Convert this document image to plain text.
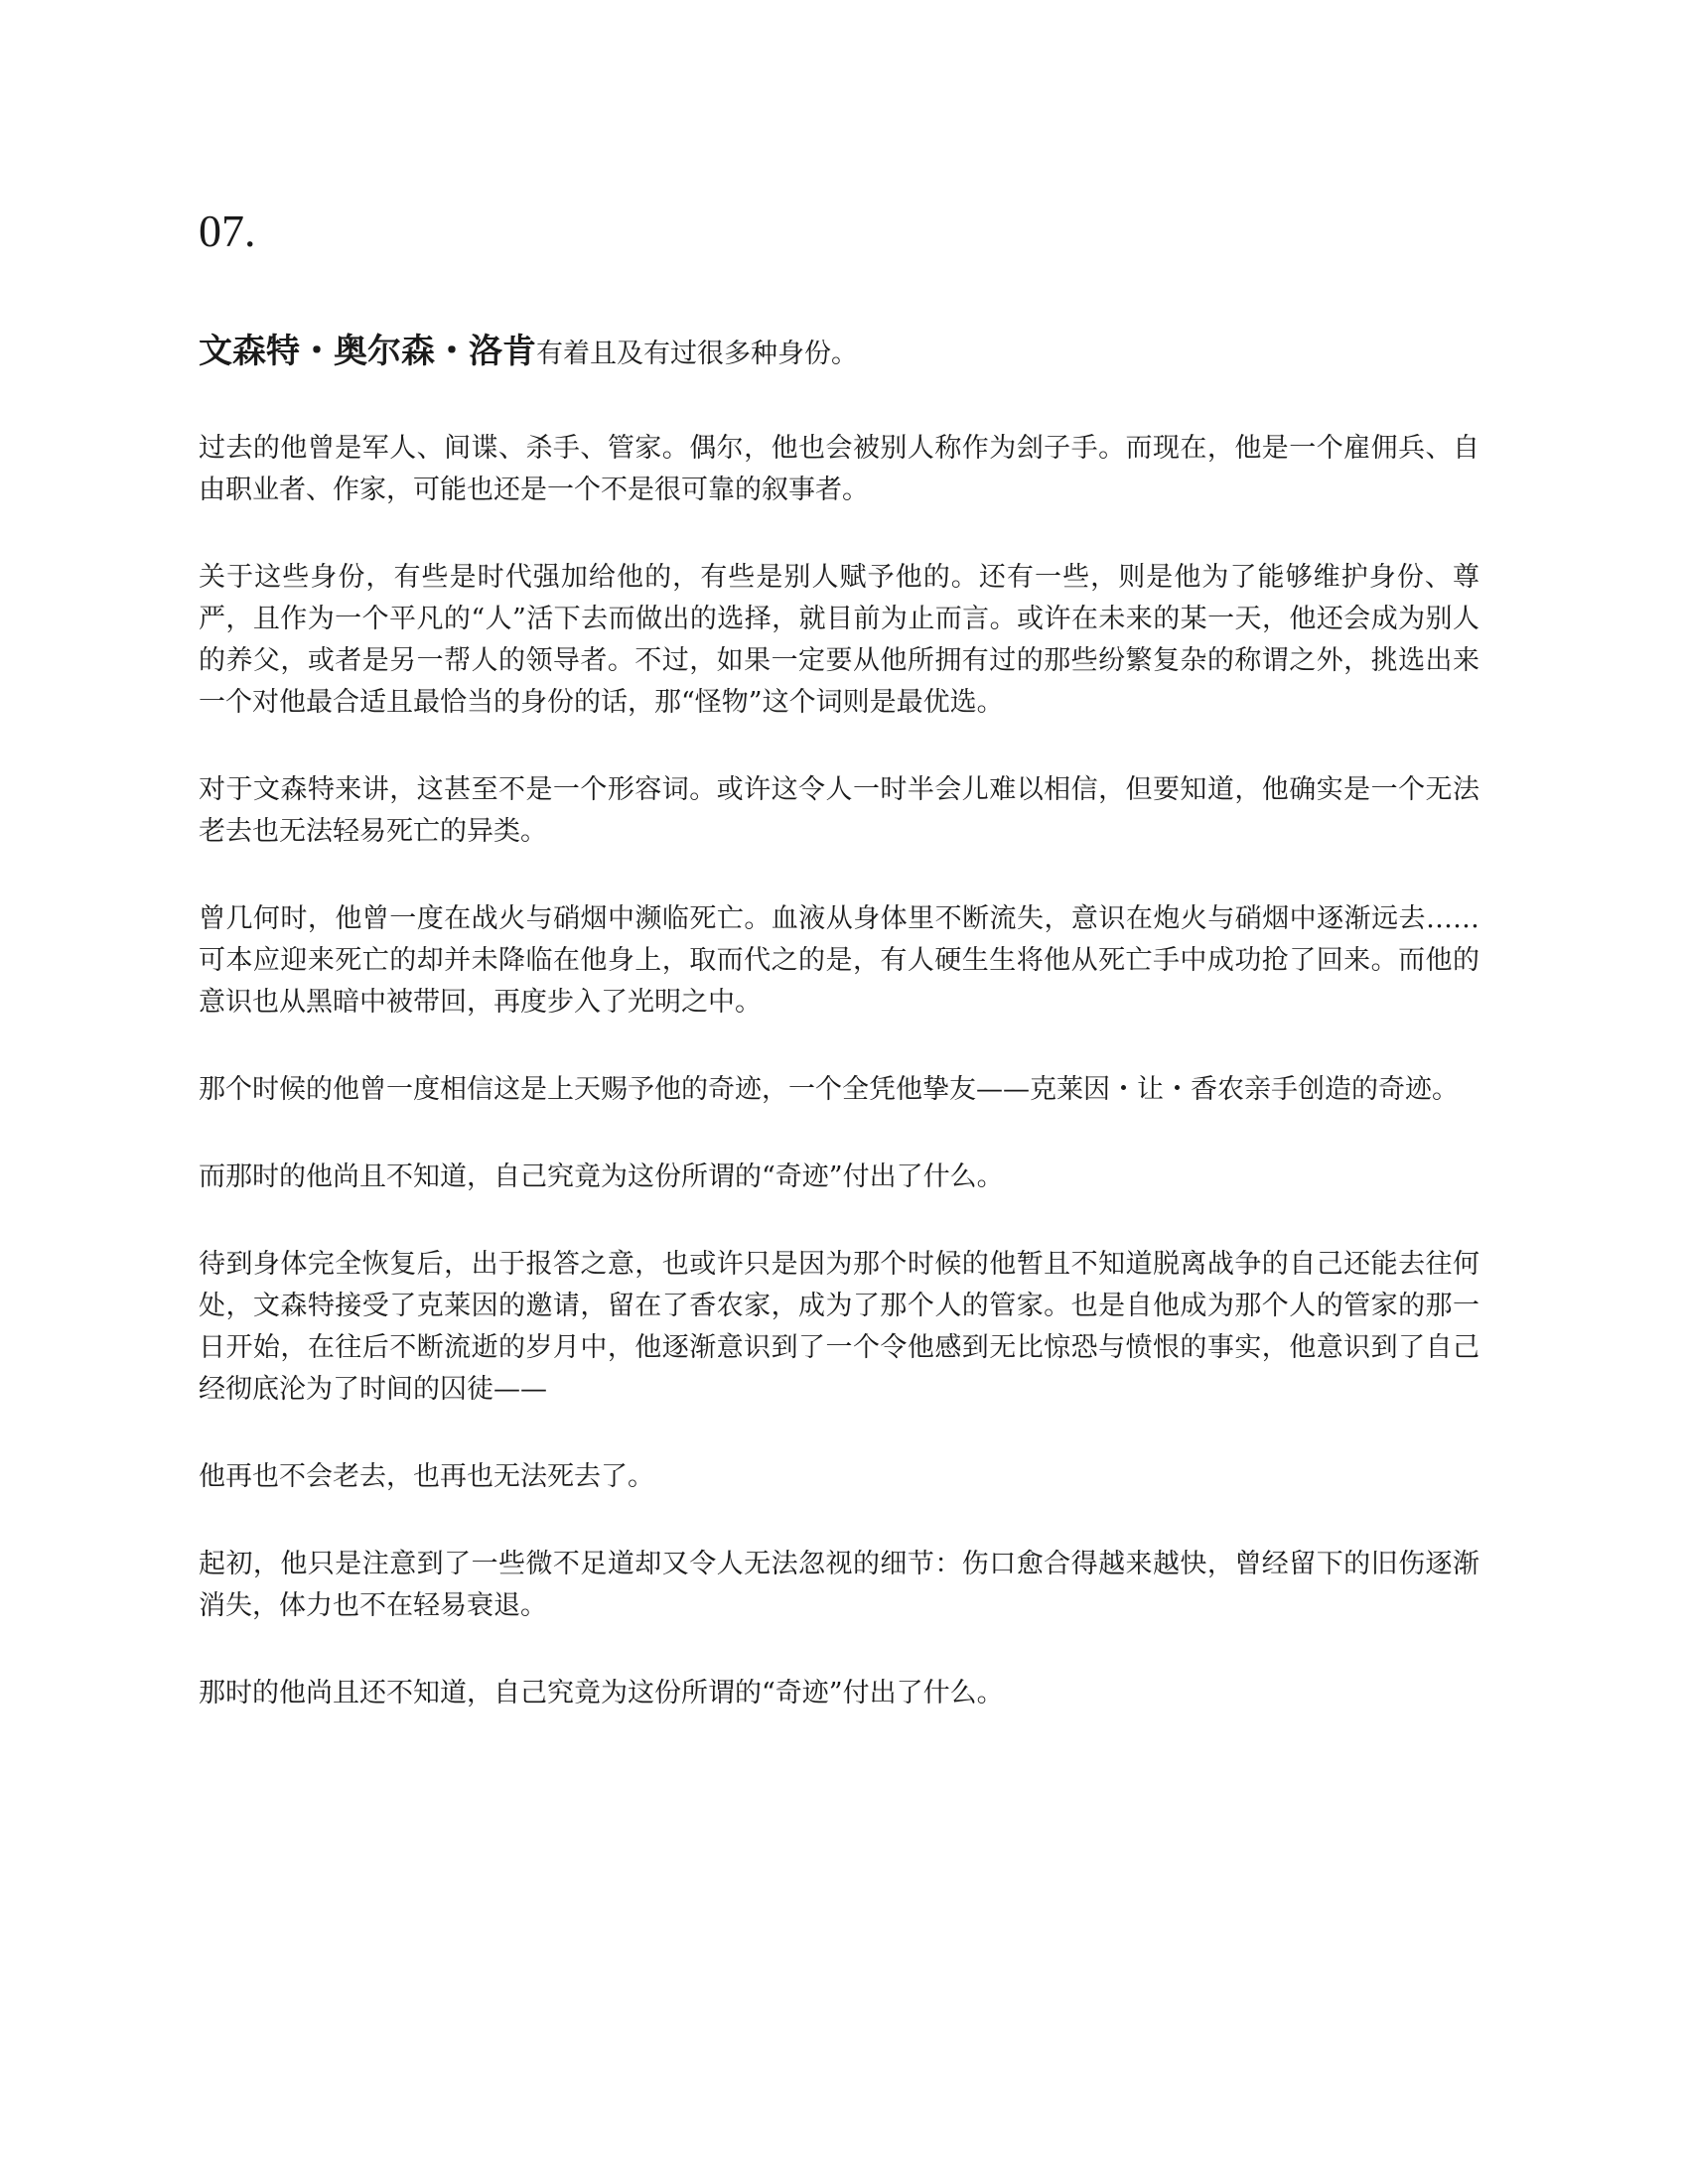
07.

文森特・奥尔森・洛肯有着且及有过很多种身份。

过去的他曾是军人、间谍、杀手、管家。偶尔，他也会被别人称作为刽子手。而现在，他是一个雇佣兵、自由职业者、作家，可能也还是一个不是很可靠的叙事者。

关于这些身份，有些是时代强加给他的，有些是别人赋予他的。还有一些，则是他为了能够维护身份、尊严，且作为一个平凡的“人”活下去而做出的选择，就目前为止而言。或许在未来的某一天，他还会成为别人的养父，或者是另一帮人的领导者。不过，如果一定要从他所拥有过的那些纷繁复杂的称谓之外，挑选出来一个对他最合适且最恰当的身份的话，那“怪物”这个词则是最优选。

对于文森特来讲，这甚至不是一个形容词。或许这令人一时半会儿难以相信，但要知道，他确实是一个无法老去也无法轻易死亡的异类。

曾几何时，他曾一度在战火与硝烟中濒临死亡。血液从身体里不断流失，意识在炮火与硝烟中逐渐远去……可本应迎来死亡的却并未降临在他身上，取而代之的是，有人硬生生将他从死亡手中成功抢了回来。而他的意识也从黑暗中被带回，再度步入了光明之中。

那个时候的他曾一度相信这是上天赐予他的奇迹，一个全凭他挚友——克莱因・让・香农亲手创造的奇迹。

而那时的他尚且不知道，自己究竟为这份所谓的“奇迹”付出了什么。

待到身体完全恢复后，出于报答之意，也或许只是因为那个时候的他暂且不知道脱离战争的自己还能去往何处，文森特接受了克莱因的邀请，留在了香农家，成为了那个人的管家。也是自他成为那个人的管家的那一日开始，在往后不断流逝的岁月中，他逐渐意识到了一个令他感到无比惊恐与愤恨的事实，他意识到了自己经彻底沦为了时间的囚徒——

他再也不会老去，也再也无法死去了。

起初，他只是注意到了一些微不足道却又令人无法忽视的细节：伤口愈合得越来越快，曾经留下的旧伤逐渐消失，体力也不在轻易衰退。

那时的他尚且还不知道，自己究竟为这份所谓的“奇迹”付出了什么。
